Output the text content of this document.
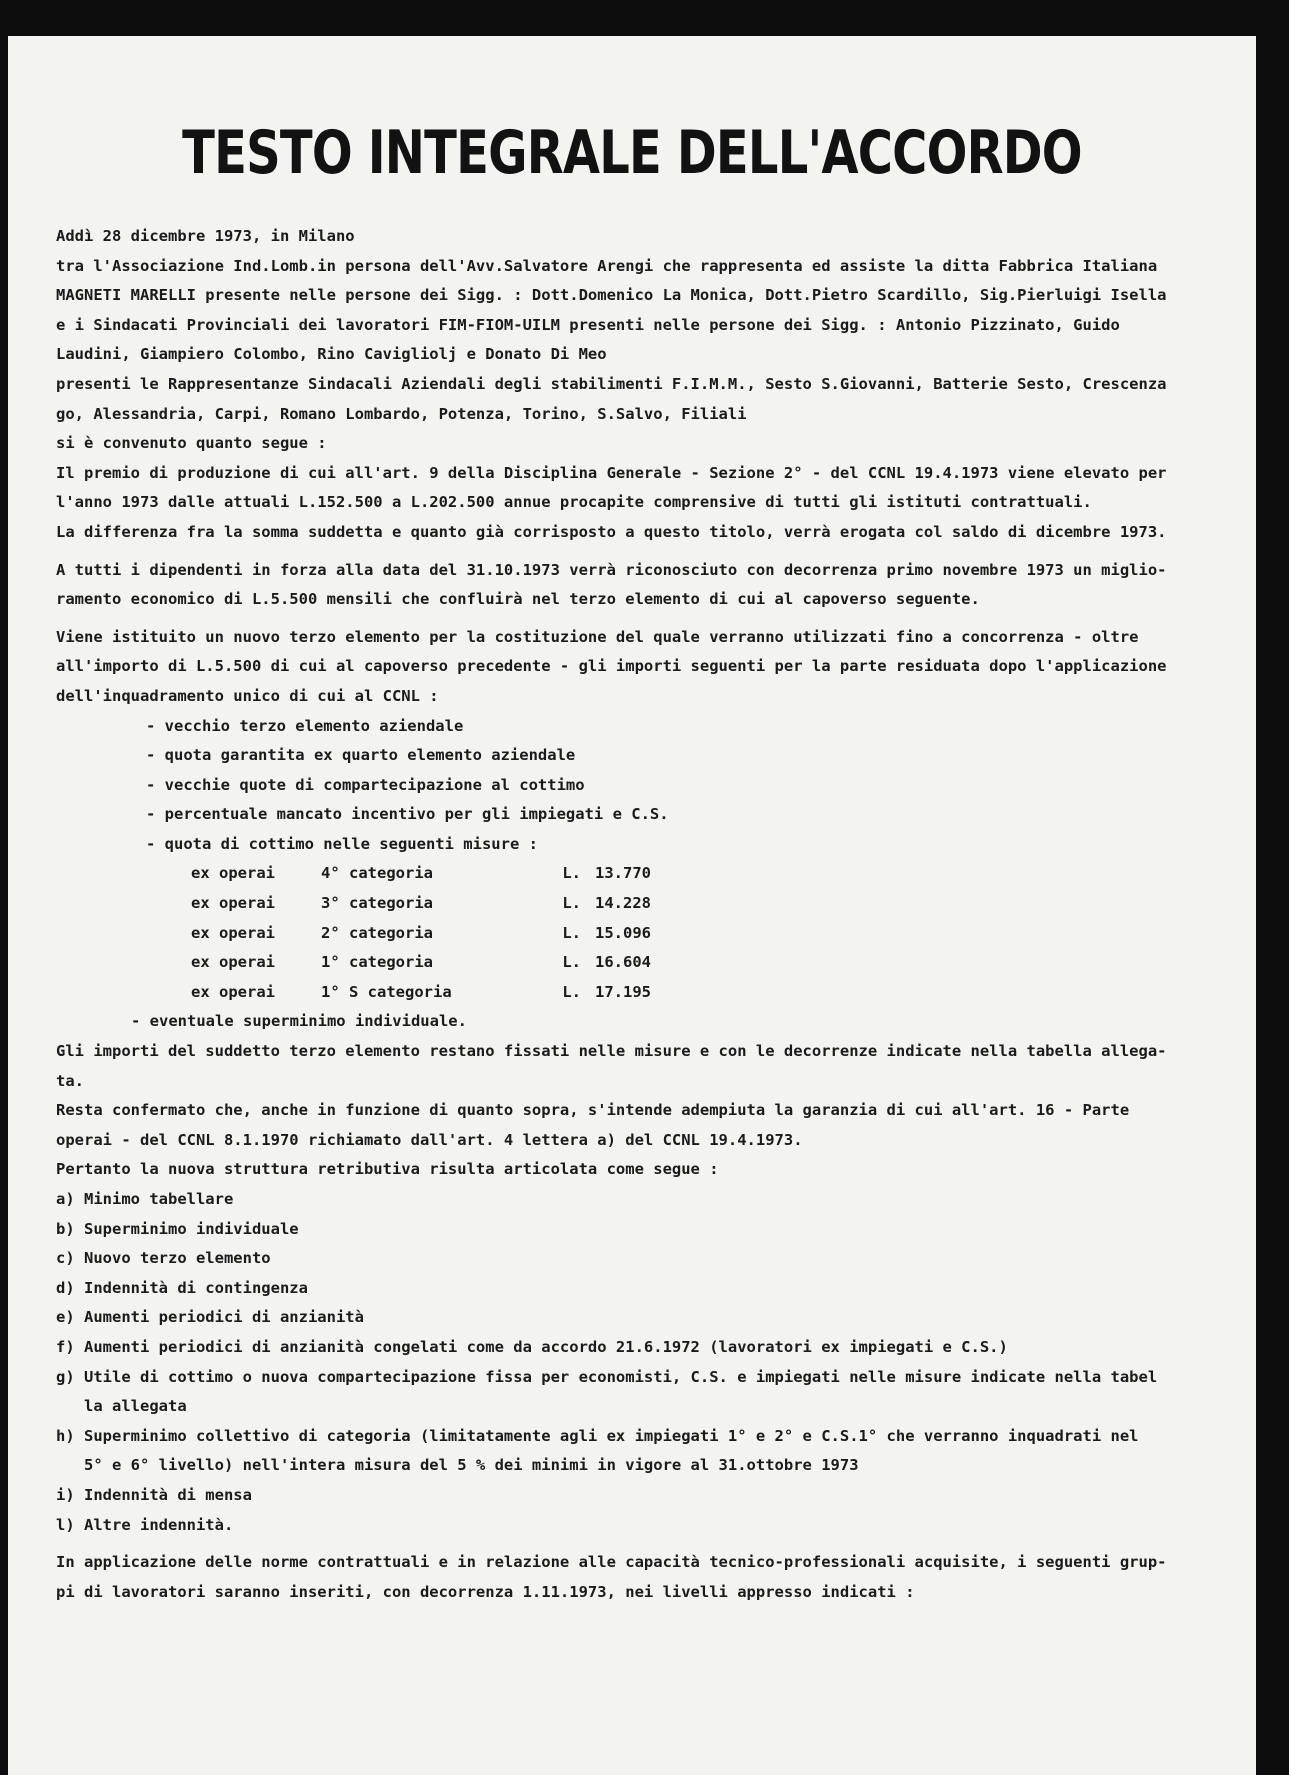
TESTO INTEGRALE DELL'ACCORDO
Addì 28 dicembre 1973, in Milano
tra l'Associazione Ind.Lomb.in persona dell'Avv.Salvatore Arengi che rappresenta ed assiste la ditta Fabbrica Italiana
MAGNETI MARELLI presente nelle persone dei Sigg. : Dott.Domenico La Monica, Dott.Pietro Scardillo, Sig.Pierluigi Isella
e i Sindacati Provinciali dei lavoratori FIM-FIOM-UILM presenti nelle persone dei Sigg. : Antonio Pizzinato, Guido
Laudini, Giampiero Colombo, Rino Cavigliolj e Donato Di Meo
presenti le Rappresentanze Sindacali Aziendali degli stabilimenti F.I.M.M., Sesto S.Giovanni, Batterie Sesto, Crescenza
go, Alessandria, Carpi, Romano Lombardo, Potenza, Torino, S.Salvo, Filiali
si è convenuto quanto segue :
Il premio di produzione di cui all'art. 9 della Disciplina Generale - Sezione 2° - del CCNL 19.4.1973 viene elevato per
l'anno 1973 dalle attuali L.152.500 a L.202.500 annue procapite comprensive di tutti gli istituti contrattuali.
La differenza fra la somma suddetta e quanto già corrisposto a questo titolo, verrà erogata col saldo di dicembre 1973.
A tutti i dipendenti in forza alla data del 31.10.1973 verrà riconosciuto con decorrenza primo novembre 1973 un miglio-
ramento economico di L.5.500 mensili che confluirà nel terzo elemento di cui al capoverso seguente.
Viene istituito un nuovo terzo elemento per la costituzione del quale verranno utilizzati fino a concorrenza - oltre
all'importo di L.5.500 di cui al capoverso precedente - gli importi seguenti per la parte residuata dopo l'applicazione
dell'inquadramento unico di cui al CCNL :
- vecchio terzo elemento aziendale
- quota garantita ex quarto elemento aziendale
- vecchie quote di compartecipazione al cottimo
- percentuale mancato incentivo per gli impiegati e C.S.
- quota di cottimo nelle seguenti misure :
ex operai	4° categoria	L. 13.770
ex operai	3° categoria	L. 14.228
ex operai	2° categoria	L. 15.096
ex operai	1° categoria	L. 16.604
ex operai	1° S categoria	L. 17.195
- eventuale superminimo individuale.
Gli importi del suddetto terzo elemento restano fissati nelle misure e con le decorrenze indicate nella tabella allega-
ta.
Resta confermato che, anche in funzione di quanto sopra, s'intende adempiuta la garanzia di cui all'art. 16 - Parte
operai - del CCNL 8.1.1970 richiamato dall'art. 4 lettera a) del CCNL 19.4.1973.
Pertanto la nuova struttura retributiva risulta articolata come segue :
a) Minimo tabellare
b) Superminimo individuale
c) Nuovo terzo elemento
d) Indennità di contingenza
e) Aumenti periodici di anzianità
f) Aumenti periodici di anzianità congelati come da accordo 21.6.1972 (lavoratori ex impiegati e C.S.)
g) Utile di cottimo o nuova compartecipazione fissa per economisti, C.S. e impiegati nelle misure indicate nella tabel
la allegata
h) Superminimo collettivo di categoria (limitatamente agli ex impiegati 1° e 2° e C.S.1° che verranno inquadrati nel
5° e 6° livello) nell'intera misura del 5 % dei minimi in vigore al 31.ottobre 1973
i) Indennità di mensa
l) Altre indennità.
In applicazione delle norme contrattuali e in relazione alle capacità tecnico-professionali acquisite, i seguenti grup-
pi di lavoratori saranno inseriti, con decorrenza 1.11.1973, nei livelli appresso indicati :
